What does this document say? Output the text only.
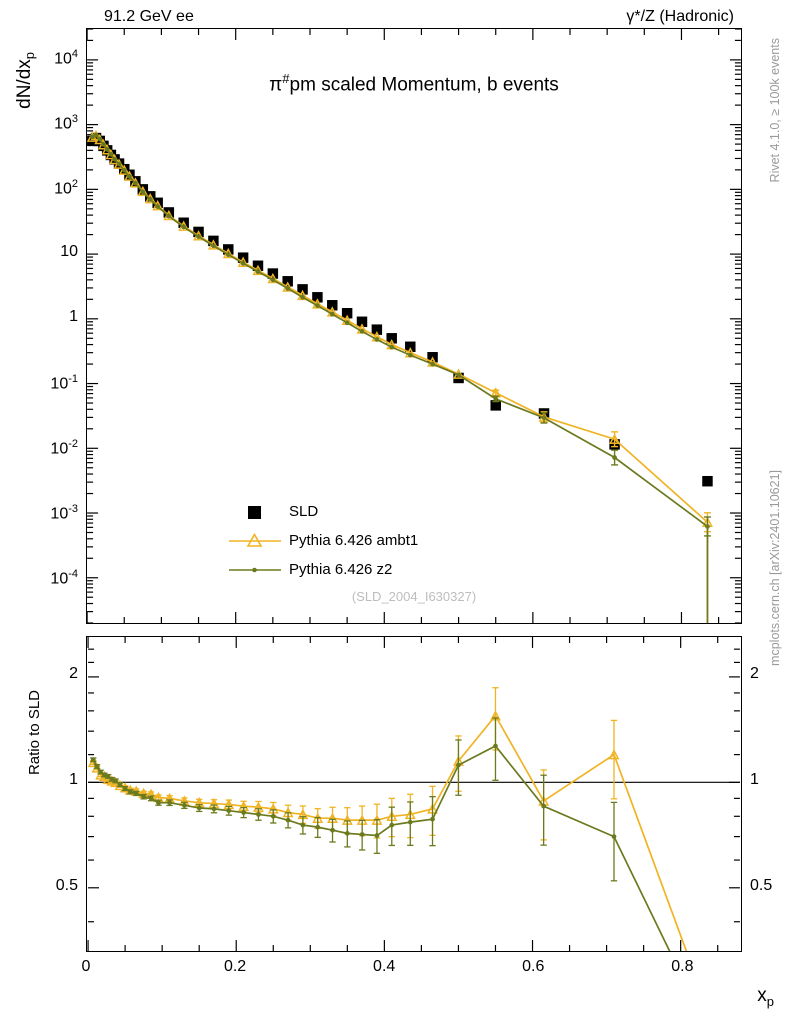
91.2 GeV ee	γ*/Z (Hadronic)
Rivet 4.1.0, ≥ 100k events
mcplots.cern.ch [arXiv:2401.10621]
$dN/dx_p$
Ratio to SLD
$x_p$
π#pm scaled Momentum, b events
(SLD_2004_I630327)
SLD
Pythia 6.426 ambt1
Pythia 6.426 z2
$10^4$
$10^3$
$10^2$
10
1
$10^{-1}$
$10^{-2}$
$10^{-3}$
$10^{-4}$
2
1
0.5
2
1
0.5
0	0.2	0.4	0.6	0.8
